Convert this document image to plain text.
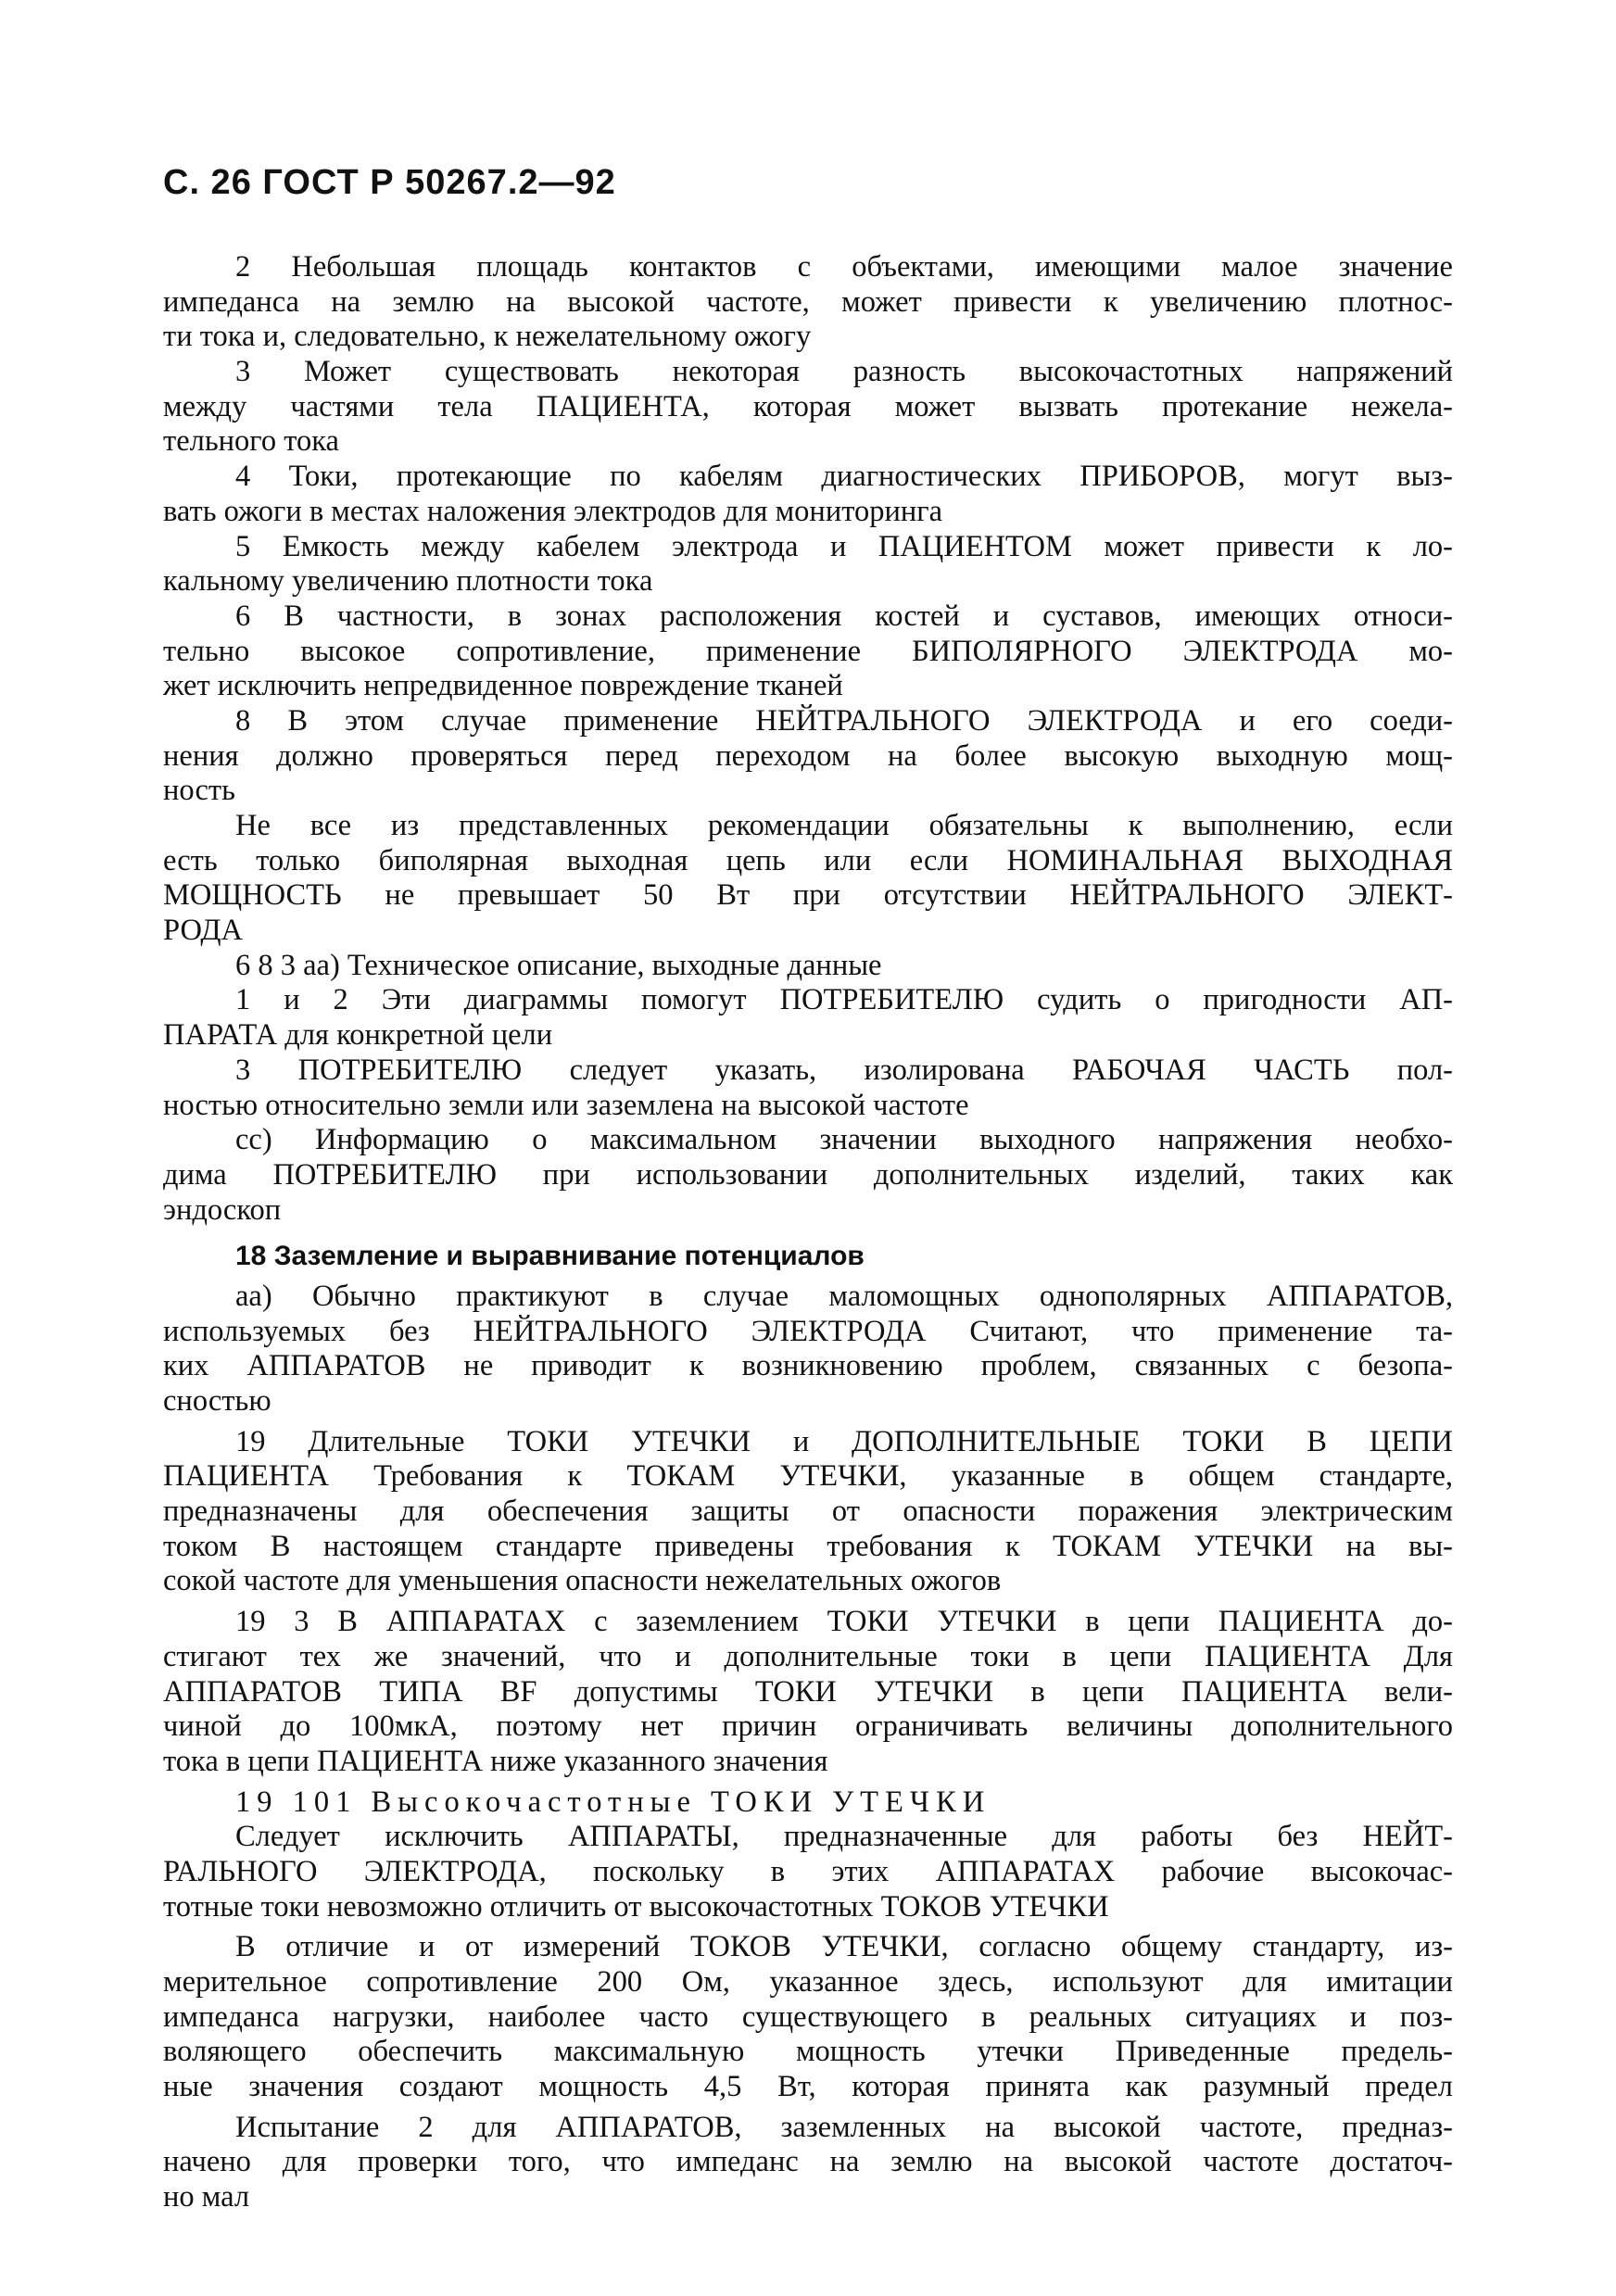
С. 26 ГОСТ Р 50267.2—92
2 Небольшая площадь контактов с объектами, имеющими малое значение
импеданса на землю на высокой частоте, может привести к увеличению плотнос-
ти тока и, следовательно, к нежелательному ожогу
3 Может существовать некоторая разность высокочастотных напряжений
между частями тела ПАЦИЕНТА, которая может вызвать протекание нежела-
тельного тока
4 Токи, протекающие по кабелям диагностических ПРИБОРОВ, могут выз-
вать ожоги в местах наложения электродов для мониторинга
5 Емкость между кабелем электрода и ПАЦИЕНТОМ может привести к ло-
кальному увеличению плотности тока
6 В частности, в зонах расположения костей и суставов, имеющих относи-
тельно высокое сопротивление, применение БИПОЛЯРНОГО ЭЛЕКТРОДА мо-
жет исключить непредвиденное повреждение тканей
8 В этом случае применение НЕЙТРАЛЬНОГО ЭЛЕКТРОДА и его соеди-
нения должно проверяться перед переходом на более высокую выходную мощ-
ность
Не все из представленных рекомендации обязательны к выполнению, если
есть только биполярная выходная цепь или если НОМИНАЛЬНАЯ ВЫХОДНАЯ
МОЩНОСТЬ не превышает 50 Вт при отсутствии НЕЙТРАЛЬНОГО ЭЛЕКТ-
РОДА
6 8 3 аа) Техническое описание, выходные данные
1 и 2 Эти диаграммы помогут ПОТРЕБИТЕЛЮ судить о пригодности АП-
ПАРАТА для конкретной цели
3 ПОТРЕБИТЕЛЮ следует указать, изолирована РАБОЧАЯ ЧАСТЬ пол-
ностью относительно земли или заземлена на высокой частоте
сс) Информацию о максимальном значении выходного напряжения необхо-
дима ПОТРЕБИТЕЛЮ при использовании дополнительных изделий, таких как
эндоскоп
18 Заземление и выравнивание потенциалов
аа) Обычно практикуют в случае маломощных однополярных АППАРАТОВ,
используемых без НЕЙТРАЛЬНОГО ЭЛЕКТРОДА Считают, что применение та-
ких АППАРАТОВ не приводит к возникновению проблем, связанных с безопа-
сностью
19 Длительные ТОКИ УТЕЧКИ и ДОПОЛНИТЕЛЬНЫЕ ТОКИ В ЦЕПИ
ПАЦИЕНТА Требования к ТОКАМ УТЕЧКИ, указанные в общем стандарте,
предназначены для обеспечения защиты от опасности поражения электрическим
током В настоящем стандарте приведены требования к ТОКАМ УТЕЧКИ на вы-
сокой частоте для уменьшения опасности нежелательных ожогов
19 3 В АППАРАТАХ с заземлением ТОКИ УТЕЧКИ в цепи ПАЦИЕНТА до-
стигают тех же значений, что и дополнительные токи в цепи ПАЦИЕНТА Для
АППАРАТОВ ТИПА BF допустимы ТОКИ УТЕЧКИ в цепи ПАЦИЕНТА вели-
чиной до 100мкА, поэтому нет причин ограничивать величины дополнительного
тока в цепи ПАЦИЕНТА ниже указанного значения
19 101 Высокочастотные ТОКИ УТЕЧКИ
Следует исключить АППАРАТЫ, предназначенные для работы без НЕЙТ-
РАЛЬНОГО ЭЛЕКТРОДА, поскольку в этих АППАРАТАХ рабочие высокочас-
тотные токи невозможно отличить от высокочастотных ТОКОВ УТЕЧКИ
В отличие и от измерений ТОКОВ УТЕЧКИ, согласно общему стандарту, из-
мерительное сопротивление 200 Ом, указанное здесь, используют для имитации
импеданса нагрузки, наиболее часто существующего в реальных ситуациях и поз-
воляющего обеспечить максимальную мощность утечки Приведенные предель-
ные значения создают мощность 4,5 Вт, которая принята как разумный предел
Испытание 2 для АППАРАТОВ, заземленных на высокой частоте, предназ-
начено для проверки того, что импеданс на землю на высокой частоте достаточ-
но мал
